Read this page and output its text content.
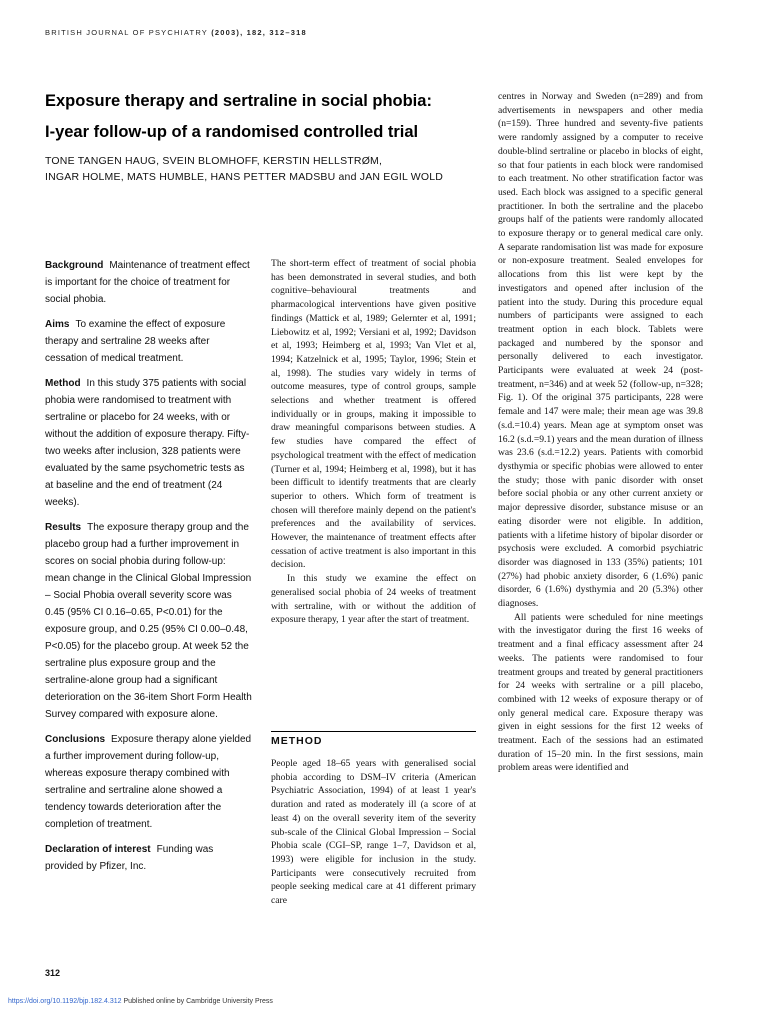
BRITISH JOURNAL OF PSYCHIATRY (2003), 182, 312–318
Exposure therapy and sertraline in social phobia:
I-year follow-up of a randomised controlled trial
TONE TANGEN HAUG, SVEIN BLOMHOFF, KERSTIN HELLSTRØM,
INGAR HOLME, MATS HUMBLE, HANS PETTER MADSBU and JAN EGIL WOLD

Background Maintenance of treatment effect is important for the choice of treatment for social phobia.

Aims To examine the effect of exposure therapy and sertraline 28 weeks after cessation of medical treatment.

Method In this study 375 patients with social phobia were randomised to treatment with sertraline or placebo for 24 weeks, with or without the addition of exposure therapy. Fifty-two weeks after inclusion, 328 patients were evaluated by the same psychometric tests as at baseline and the end of treatment (24 weeks).

Results The exposure therapy group and the placebo group had a further improvement in scores on social phobia during follow-up: mean change in the Clinical Global Impression – Social Phobia overall severity score was 0.45 (95% CI 0.16–0.65, P<0.01) for the exposure group, and 0.25 (95% CI 0.00–0.48, P<0.05) for the placebo group. At week 52 the sertraline plus exposure group and the sertraline-alone group had a significant deterioration on the 36-item Short Form Health Survey compared with exposure alone.

Conclusions Exposure therapy alone yielded a further improvement during follow-up, whereas exposure therapy combined with sertraline and sertraline alone showed a tendency towards deterioration after the completion of treatment.

Declaration of interest Funding was provided by Pfizer, Inc.

The short-term effect of treatment of social phobia has been demonstrated in several studies, and both cognitive–behavioural treatments and pharmacological interventions have given positive findings (Mattick et al, 1989; Gelernter et al, 1991; Liebowitz et al, 1992; Versiani et al, 1992; Davidson et al, 1993; Heimberg et al, 1993; Van Vlet et al, 1994; Katzelnick et al, 1995; Taylor, 1996; Stein et al, 1998). The studies vary widely in terms of outcome measures, type of control groups, sample selections and whether treatment is offered individually or in groups, making it impossible to draw meaningful comparisons between studies. A few studies have compared the effect of psychological treatment with the effect of medication (Turner et al, 1994; Heimberg et al, 1998), but it has been difficult to identify treatments that are clearly superior to others. Which form of treatment is chosen will therefore mainly depend on the patient's preferences and the availability of services. However, the maintenance of treatment effects after cessation of active treatment is also important in this decision.

In this study we examine the effect on generalised social phobia of 24 weeks of treatment with sertraline, with or without the addition of exposure therapy, 1 year after the start of treatment.

METHOD

People aged 18–65 years with generalised social phobia according to DSM–IV criteria (American Psychiatric Association, 1994) of at least 1 year's duration and rated as moderately ill (a score of at least 4) on the overall severity item of the severity sub-scale of the Clinical Global Impression – Social Phobia scale (CGI–SP, range 1–7, Davidson et al, 1993) were eligible for inclusion in the study. Participants were consecutively recruited from people seeking medical care at 41 different primary care

centres in Norway and Sweden (n=289) and from advertisements in newspapers and other media (n=159). Three hundred and seventy-five patients were randomly assigned by a computer to receive double-blind sertraline or placebo in blocks of eight, so that four patients in each block were randomised to each treatment. No other stratification factor was used. Each block was assigned to a specific general practitioner. In both the sertraline and the placebo groups half of the patients were randomly allocated to exposure therapy or to general medical care only. A separate randomisation list was made for exposure or non-exposure treatment. Sealed envelopes for allocations from this list were kept by the investigators and opened after inclusion of the patient into the study. During this procedure equal numbers of participants were assigned to each treatment option in each block. Tablets were packaged and numbered by the sponsor and personally delivered to each investigator. Participants were evaluated at week 24 (post-treatment, n=346) and at week 52 (follow-up, n=328; Fig. 1). Of the original 375 participants, 228 were female and 147 were male; their mean age was 39.8 (s.d.=10.4) years. Mean age at symptom onset was 16.2 (s.d.=9.1) years and the mean duration of illness was 23.6 (s.d.=12.2) years. Patients with comorbid dysthymia or specific phobias were allowed to enter the study; those with panic disorder with onset before social phobia or any other current anxiety or major depressive disorder, substance misuse or an eating disorder were not eligible. In addition, patients with a lifetime history of bipolar disorder or psychosis were excluded. A comorbid psychiatric disorder was diagnosed in 133 (35%) patients; 101 (27%) had phobic anxiety disorder, 6 (1.6%) panic disorder, 6 (1.6%) dysthymia and 20 (5.3%) other diagnoses.

All patients were scheduled for nine meetings with the investigator during the first 16 weeks of treatment and a final efficacy assessment after 24 weeks. The patients were randomised to four treatment groups and treated by general practitioners for 24 weeks with sertraline or a pill placebo, combined with 12 weeks of exposure therapy or of only general medical care. Exposure therapy was given in eight sessions for the first 12 weeks of treatment. Each of the sessions had an estimated duration of 15–20 min. In the first sessions, main problem areas were identified and

312
https://doi.org/10.1192/bjp.182.4.312 Published online by Cambridge University Press
